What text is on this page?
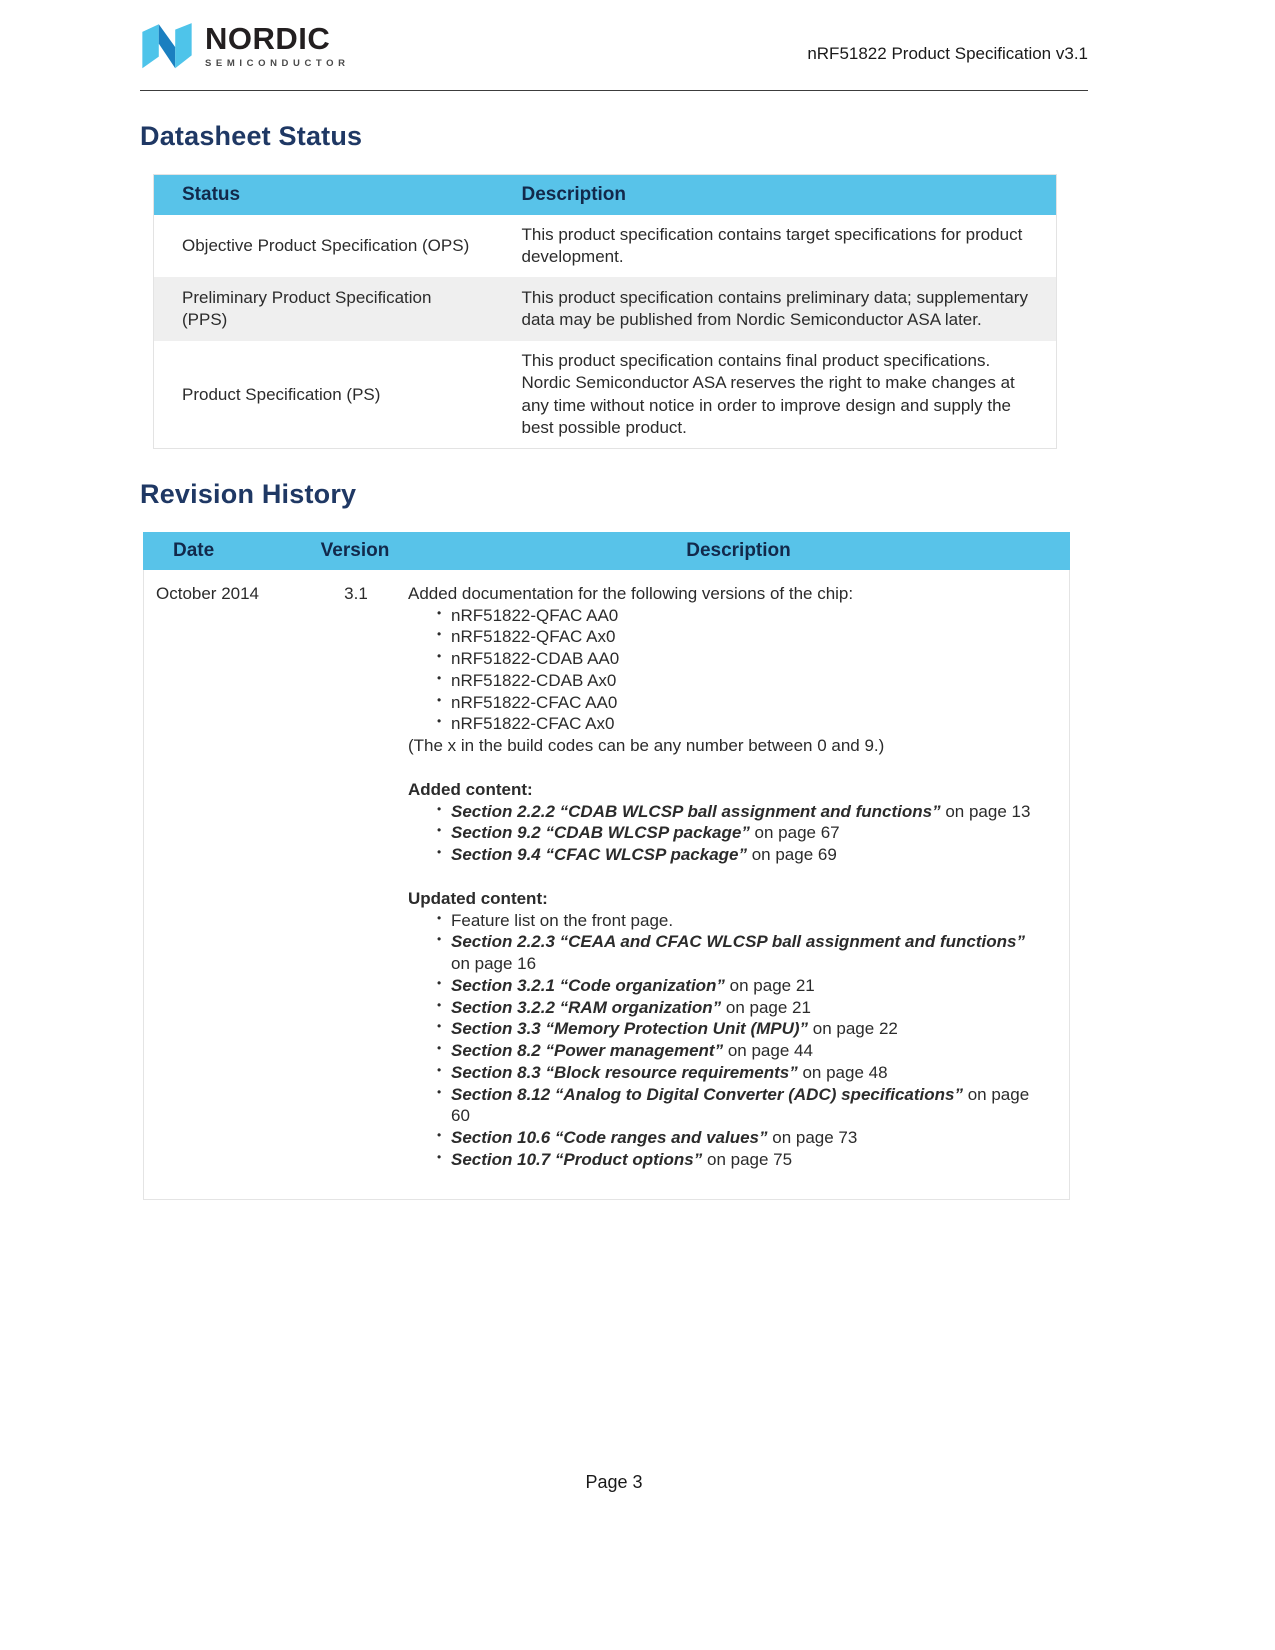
NORDIC
SEMICONDUCTOR
nRF51822 Product Specification v3.1
Datasheet Status
Status	Description
Objective Product Specification (OPS)	This product specification contains target specifications for product development.
Preliminary Product Specification (PPS)	This product specification contains preliminary data; supplementary data may be published from Nordic Semiconductor ASA later.
Product Specification (PS)	This product specification contains final product specifications. Nordic Semiconductor ASA reserves the right to make changes at any time without notice in order to improve design and supply the best possible product.
Revision History
Date	Version	Description
October 2014	3.1	Added documentation for the following versions of the chip:

• nRF51822-QFAC AA0
• nRF51822-QFAC Ax0
• nRF51822-CDAB AA0
• nRF51822-CDAB Ax0
• nRF51822-CFAC AA0
• nRF51822-CFAC Ax0

(The x in the build codes can be any number between 0 and 9.)

Added content:

• Section 2.2.2 “CDAB WLCSP ball assignment and functions” on page 13
• Section 9.2 “CDAB WLCSP package” on page 67
• Section 9.4 “CFAC WLCSP package” on page 69

Updated content:

• Feature list on the front page.
• Section 2.2.3 “CEAA and CFAC WLCSP ball assignment and functions” on page 16
• Section 3.2.1 “Code organization” on page 21
• Section 3.2.2 “RAM organization” on page 21
• Section 3.3 “Memory Protection Unit (MPU)” on page 22
• Section 8.2 “Power management” on page 44
• Section 8.3 “Block resource requirements” on page 48
• Section 8.12 “Analog to Digital Converter (ADC) specifications” on page 60
• Section 10.6 “Code ranges and values” on page 73
• Section 10.7 “Product options” on page 75
Page 3
